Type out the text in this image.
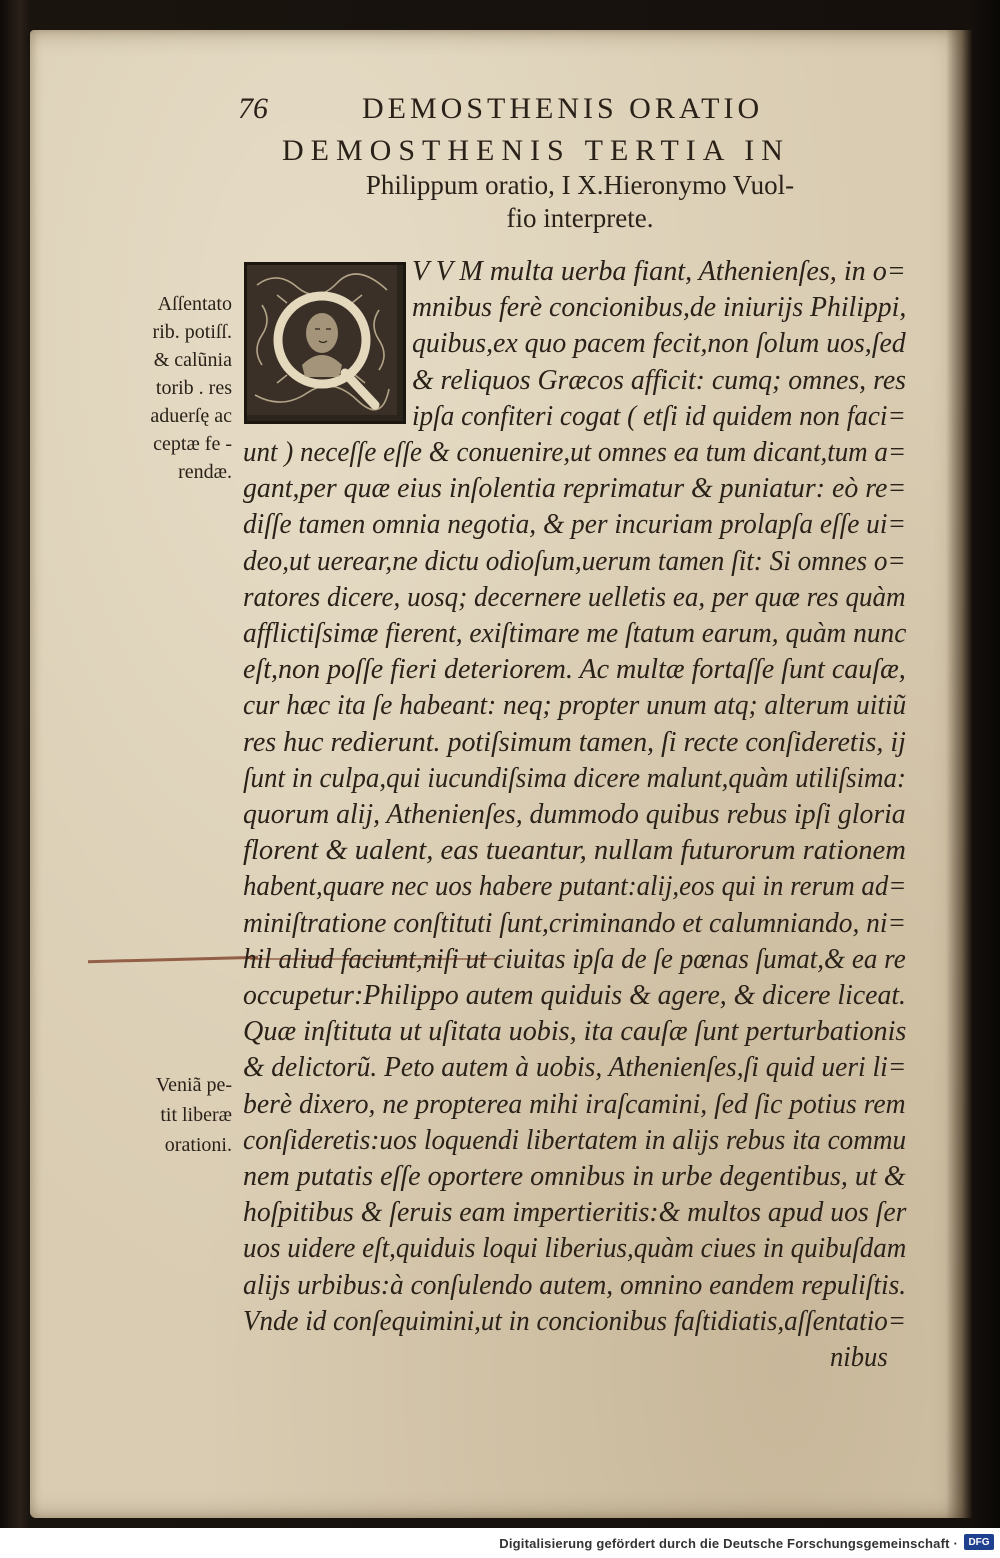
76	DEMOSTHENIS ORATIO
DEMOSTHENIS TERTIA IN
Philippum oratio, I X.Hieronymo Vuol-
fio interprete.
Aſſentato
rib. potiſſ.
& calũnia
torib . res
aduerſę ac
ceptæ fe -
rendæ.
Veniã pe-
tit liberæ
orationi.
V V M multa uerba fiant, Athenienſes, in o=
mnibus ferè concionibus,de iniurijs Philippi,
quibus,ex quo pacem fecit,non ſolum uos,ſed
& reliquos Græcos afficit: cumq; omnes, res
ipſa confiteri cogat ( etſi id quidem non faci=
unt ) neceſſe eſſe & conuenire,ut omnes ea tum dicant,tum a=
gant,per quæ eius inſolentia reprimatur & puniatur: eò re=
diſſe tamen omnia negotia, & per incuriam prolapſa eſſe ui=
deo,ut uerear,ne dictu odioſum,uerum tamen ſit: Si omnes o=
ratores dicere, uosq; decernere uelletis ea, per quæ res quàm
afflictiſsimæ fierent, exiſtimare me ſtatum earum, quàm nunc
eſt,non poſſe fieri deteriorem. Ac multæ fortaſſe ſunt cauſæ,
cur hæc ita ſe habeant: neq; propter unum atq; alterum uitiũ
res huc redierunt. potiſsimum tamen, ſi recte conſideretis, ij
ſunt in culpa,qui iucundiſsima dicere malunt,quàm utiliſsima:
quorum alij, Athenienſes, dummodo quibus rebus ipſi gloria
florent & ualent, eas tueantur, nullam futurorum rationem
habent,quare nec uos habere putant:alij,eos qui in rerum ad=
miniſtratione conſtituti ſunt,criminando et calumniando, ni=
hil aliud faciunt,niſi ut ciuitas ipſa de ſe pœnas ſumat,& ea re
occupetur:Philippo autem quiduis & agere, & dicere liceat.
Quæ inſtituta ut uſitata uobis, ita cauſæ ſunt perturbationis
& delictorũ. Peto autem à uobis, Athenienſes,ſi quid ueri li=
berè dixero, ne propterea mihi iraſcamini, ſed ſic potius rem
conſideretis:uos loquendi libertatem in alijs rebus ita commu
nem putatis eſſe oportere omnibus in urbe degentibus, ut &
hoſpitibus & ſeruis eam impertieritis:& multos apud uos ſer
uos uidere eſt,quiduis loqui liberius,quàm ciues in quibuſdam
alijs urbibus:à conſulendo autem, omnino eandem repuliſtis.
Vnde id conſequimini,ut in concionibus faſtidiatis,aſſentatio=
nibus
Digitalisierung gefördert durch die Deutsche Forschungsgemeinschaft ·	DFG
